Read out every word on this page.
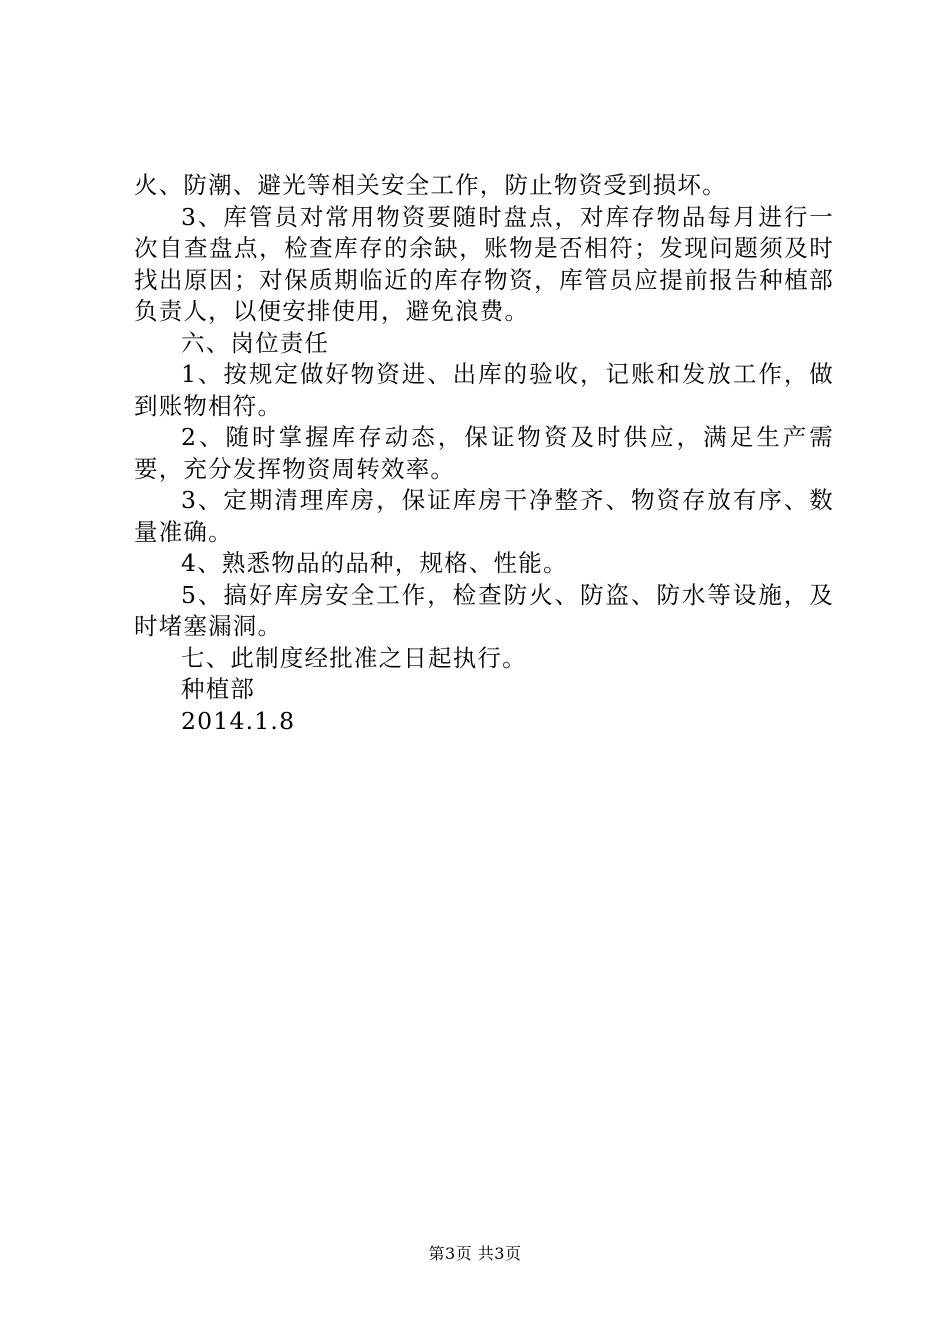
火、防潮、避光等相关安全工作，防止物资受到损坏。

3、库管员对常用物资要随时盘点，对库存物品每月进行一次自查盘点，检查库存的余缺，账物是否相符；发现问题须及时找出原因；对保质期临近的库存物资，库管员应提前报告种植部负责人，以便安排使用，避免浪费。

六、岗位责任

1、按规定做好物资进、出库的验收，记账和发放工作，做到账物相符。

2、随时掌握库存动态，保证物资及时供应，满足生产需要，充分发挥物资周转效率。

3、定期清理库房，保证库房干净整齐、物资存放有序、数量准确。

4、熟悉物品的品种，规格、性能。

5、搞好库房安全工作，检查防火、防盗、防水等设施，及时堵塞漏洞。

七、此制度经批准之日起执行。

种植部

2014.1.8

第3页 共3页
